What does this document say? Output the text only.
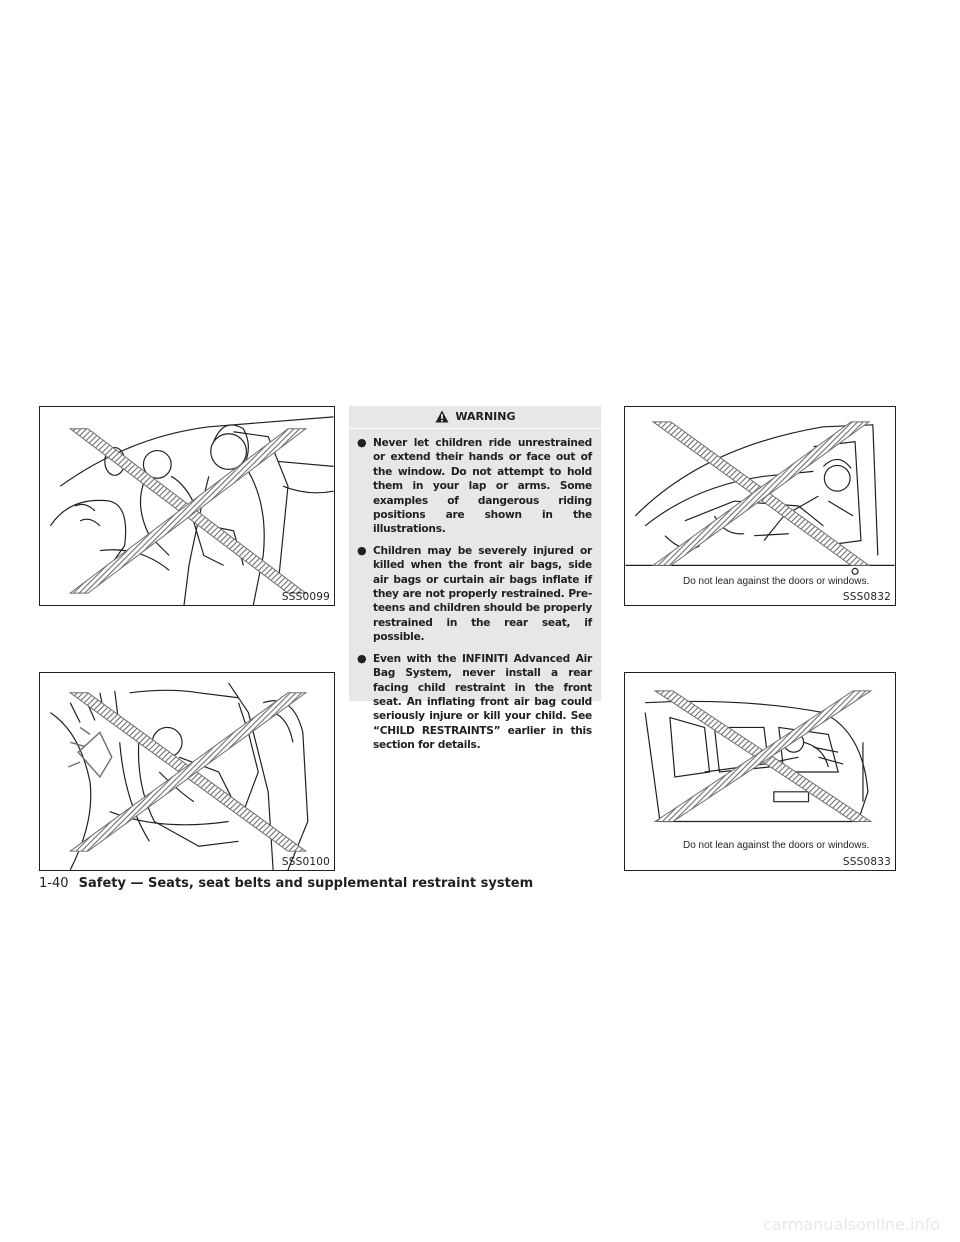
SSS0099
SSS0100
WARNING
● Never let children ride unrestrained or extend their hands or face out of the window. Do not attempt to hold them in your lap or arms. Some examples of dangerous riding positions are shown in the illustrations.
● Children may be severely injured or killed when the front air bags, side air bags or curtain air bags inflate if they are not properly restrained. Pre-teens and children should be properly restrained in the rear seat, if possible.
● Even with the INFINITI Advanced Air Bag System, never install a rear facing child restraint in the front seat. An inflating front air bag could seriously injure or kill your child. See “CHILD RESTRAINTS” earlier in this section for details.
Do not lean against the doors or windows.
SSS0832
Do not lean against the doors or windows.
SSS0833
1-40 Safety — Seats, seat belts and supplemental restraint system
carmanualsonline.info
